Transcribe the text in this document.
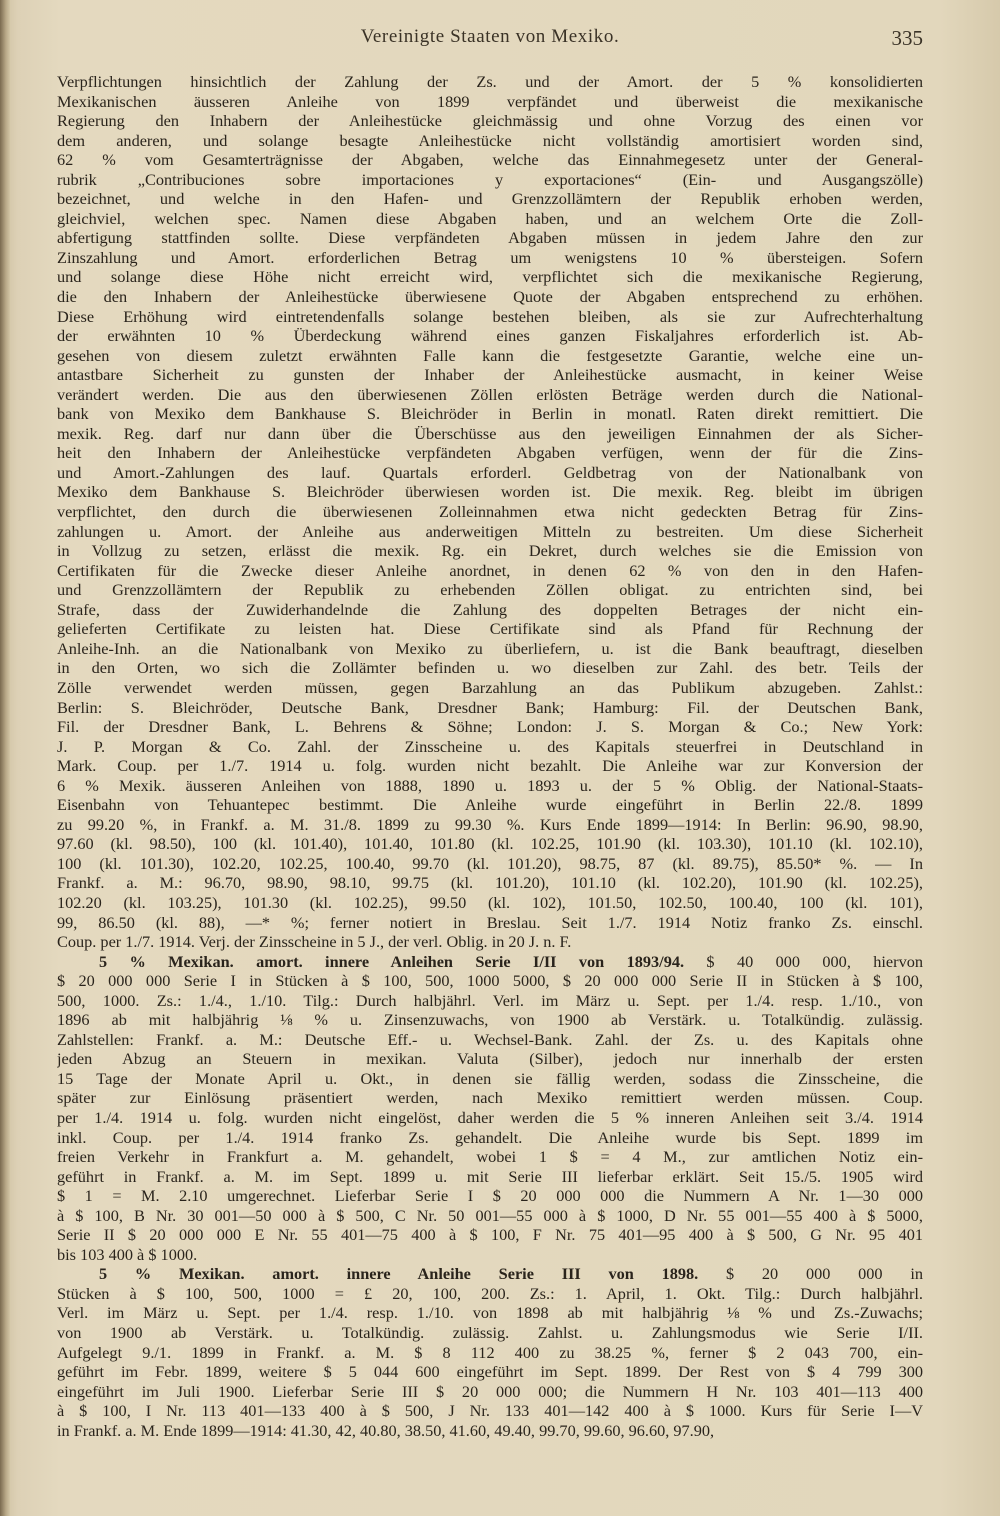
Vereinigte Staaten von Mexiko.	335
Verpflichtungen hinsichtlich der Zahlung der Zs. und der Amort. der 5 % konsolidierten
Mexikanischen äusseren Anleihe von 1899 verpfändet und überweist die mexikanische
Regierung den Inhabern der Anleihestücke gleichmässig und ohne Vorzug des einen vor
dem anderen, und solange besagte Anleihestücke nicht vollständig amortisiert worden sind,
62 % vom Gesamterträgnisse der Abgaben, welche das Einnahmegesetz unter der General-
rubrik „Contribuciones sobre importaciones y exportaciones“ (Ein- und Ausgangszölle)
bezeichnet, und welche in den Hafen- und Grenzzollämtern der Republik erhoben werden,
gleichviel, welchen spec. Namen diese Abgaben haben, und an welchem Orte die Zoll-
abfertigung stattfinden sollte. Diese verpfändeten Abgaben müssen in jedem Jahre den zur
Zinszahlung und Amort. erforderlichen Betrag um wenigstens 10 % übersteigen. Sofern
und solange diese Höhe nicht erreicht wird, verpflichtet sich die mexikanische Regierung,
die den Inhabern der Anleihestücke überwiesene Quote der Abgaben entsprechend zu erhöhen.
Diese Erhöhung wird eintretendenfalls solange bestehen bleiben, als sie zur Aufrechterhaltung
der erwähnten 10 % Überdeckung während eines ganzen Fiskaljahres erforderlich ist. Ab-
gesehen von diesem zuletzt erwähnten Falle kann die festgesetzte Garantie, welche eine un-
antastbare Sicherheit zu gunsten der Inhaber der Anleihestücke ausmacht, in keiner Weise
verändert werden. Die aus den überwiesenen Zöllen erlösten Beträge werden durch die National-
bank von Mexiko dem Bankhause S. Bleichröder in Berlin in monatl. Raten direkt remittiert. Die
mexik. Reg. darf nur dann über die Überschüsse aus den jeweiligen Einnahmen der als Sicher-
heit den Inhabern der Anleihestücke verpfändeten Abgaben verfügen, wenn der für die Zins-
und Amort.-Zahlungen des lauf. Quartals erforderl. Geldbetrag von der Nationalbank von
Mexiko dem Bankhause S. Bleichröder überwiesen worden ist. Die mexik. Reg. bleibt im übrigen
verpflichtet, den durch die überwiesenen Zolleinnahmen etwa nicht gedeckten Betrag für Zins-
zahlungen u. Amort. der Anleihe aus anderweitigen Mitteln zu bestreiten. Um diese Sicherheit
in Vollzug zu setzen, erlässt die mexik. Rg. ein Dekret, durch welches sie die Emission von
Certifikaten für die Zwecke dieser Anleihe anordnet, in denen 62 % von den in den Hafen-
und Grenzzollämtern der Republik zu erhebenden Zöllen obligat. zu entrichten sind, bei
Strafe, dass der Zuwiderhandelnde die Zahlung des doppelten Betrages der nicht ein-
gelieferten Certifikate zu leisten hat. Diese Certifikate sind als Pfand für Rechnung der
Anleihe-Inh. an die Nationalbank von Mexiko zu überliefern, u. ist die Bank beauftragt, dieselben
in den Orten, wo sich die Zollämter befinden u. wo dieselben zur Zahl. des betr. Teils der
Zölle verwendet werden müssen, gegen Barzahlung an das Publikum abzugeben. Zahlst.:
Berlin: S. Bleichröder, Deutsche Bank, Dresdner Bank; Hamburg: Fil. der Deutschen Bank,
Fil. der Dresdner Bank, L. Behrens & Söhne; London: J. S. Morgan & Co.; New York:
J. P. Morgan & Co. Zahl. der Zinsscheine u. des Kapitals steuerfrei in Deutschland in
Mark. Coup. per 1./7. 1914 u. folg. wurden nicht bezahlt. Die Anleihe war zur Konversion der
6 % Mexik. äusseren Anleihen von 1888, 1890 u. 1893 u. der 5 % Oblig. der National-Staats-
Eisenbahn von Tehuantepec bestimmt. Die Anleihe wurde eingeführt in Berlin 22./8. 1899
zu 99.20 %, in Frankf. a. M. 31./8. 1899 zu 99.30 %. Kurs Ende 1899—1914: In Berlin: 96.90, 98.90,
97.60 (kl. 98.50), 100 (kl. 101.40), 101.40, 101.80 (kl. 102.25, 101.90 (kl. 103.30), 101.10 (kl. 102.10),
100 (kl. 101.30), 102.20, 102.25, 100.40, 99.70 (kl. 101.20), 98.75, 87 (kl. 89.75), 85.50* %. — In
Frankf. a. M.: 96.70, 98.90, 98.10, 99.75 (kl. 101.20), 101.10 (kl. 102.20), 101.90 (kl. 102.25),
102.20 (kl. 103.25), 101.30 (kl. 102.25), 99.50 (kl. 102), 101.50, 102.50, 100.40, 100 (kl. 101),
99, 86.50 (kl. 88), —* %; ferner notiert in Breslau. Seit 1./7. 1914 Notiz franko Zs. einschl.
Coup. per 1./7. 1914. Verj. der Zinsscheine in 5 J., der verl. Oblig. in 20 J. n. F.
5 % Mexikan. amort. innere Anleihen Serie I/II von 1893/94. $ 40 000 000, hiervon
$ 20 000 000 Serie I in Stücken à $ 100, 500, 1000 5000, $ 20 000 000 Serie II in Stücken à $ 100,
500, 1000. Zs.: 1./4., 1./10. Tilg.: Durch halbjährl. Verl. im März u. Sept. per 1./4. resp. 1./10., von
1896 ab mit halbjährig ⅛ % u. Zinsenzuwachs, von 1900 ab Verstärk. u. Totalkündig. zulässig.
Zahlstellen: Frankf. a. M.: Deutsche Eff.- u. Wechsel-Bank. Zahl. der Zs. u. des Kapitals ohne
jeden Abzug an Steuern in mexikan. Valuta (Silber), jedoch nur innerhalb der ersten
15 Tage der Monate April u. Okt., in denen sie fällig werden, sodass die Zinsscheine, die
später zur Einlösung präsentiert werden, nach Mexiko remittiert werden müssen. Coup.
per 1./4. 1914 u. folg. wurden nicht eingelöst, daher werden die 5 % inneren Anleihen seit 3./4. 1914
inkl. Coup. per 1./4. 1914 franko Zs. gehandelt. Die Anleihe wurde bis Sept. 1899 im
freien Verkehr in Frankfurt a. M. gehandelt, wobei 1 $ = 4 M., zur amtlichen Notiz ein-
geführt in Frankf. a. M. im Sept. 1899 u. mit Serie III lieferbar erklärt. Seit 15./5. 1905 wird
$ 1 = M. 2.10 umgerechnet. Lieferbar Serie I $ 20 000 000 die Nummern A Nr. 1—30 000
à $ 100, B Nr. 30 001—50 000 à $ 500, C Nr. 50 001—55 000 à $ 1000, D Nr. 55 001—55 400 à $ 5000,
Serie II $ 20 000 000 E Nr. 55 401—75 400 à $ 100, F Nr. 75 401—95 400 à $ 500, G Nr. 95 401
bis 103 400 à $ 1000.
5 % Mexikan. amort. innere Anleihe Serie III von 1898. $ 20 000 000 in
Stücken à $ 100, 500, 1000 = £ 20, 100, 200. Zs.: 1. April, 1. Okt. Tilg.: Durch halbjährl.
Verl. im März u. Sept. per 1./4. resp. 1./10. von 1898 ab mit halbjährig ⅛ % und Zs.-Zuwachs;
von 1900 ab Verstärk. u. Totalkündig. zulässig. Zahlst. u. Zahlungsmodus wie Serie I/II.
Aufgelegt 9./1. 1899 in Frankf. a. M. $ 8 112 400 zu 38.25 %, ferner $ 2 043 700, ein-
geführt im Febr. 1899, weitere $ 5 044 600 eingeführt im Sept. 1899. Der Rest von $ 4 799 300
eingeführt im Juli 1900. Lieferbar Serie III $ 20 000 000; die Nummern H Nr. 103 401—113 400
à $ 100, I Nr. 113 401—133 400 à $ 500, J Nr. 133 401—142 400 à $ 1000. Kurs für Serie I—V
in Frankf. a. M. Ende 1899—1914: 41.30, 42, 40.80, 38.50, 41.60, 49.40, 99.70, 99.60, 96.60, 97.90,
